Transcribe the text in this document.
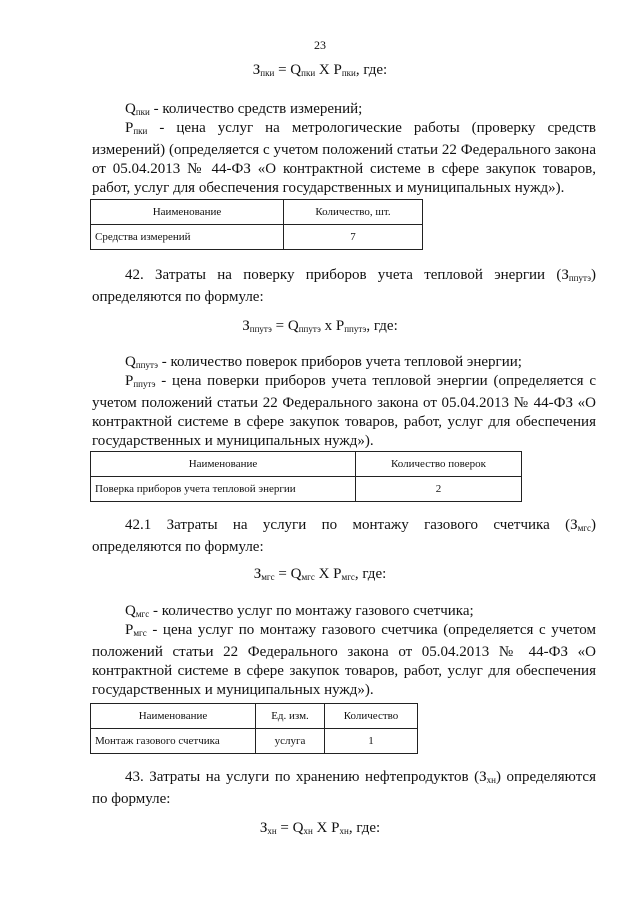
23
$З_{пки} = Q_{пки}$ X $P_{пки}$, где:
$Q_{пки}$ - количество средств измерений;
$P_{пки}$ - цена услуг на метрологические работы (проверку средств измерений) (определяется с учетом положений статьи 22 Федерального закона от 05.04.2013 № 44-ФЗ «О контрактной системе в сфере закупок товаров, работ, услуг для обеспечения государственных и муниципальных нужд»).
Наименование	Количество, шт.
Средства измерений	7
42. Затраты на поверку приборов учета тепловой энергии $(З_{ппутэ})$ определяются по формуле:
$З_{ппутэ} = Q_{ппутэ}$ x $P_{ппутэ}$, где:
$Q_{ппутэ}$ - количество поверок приборов учета тепловой энергии;
$P_{ппутэ}$ - цена поверки приборов учета тепловой энергии (определяется с учетом положений статьи 22 Федерального закона от 05.04.2013 № 44-ФЗ «О контрактной системе в сфере закупок товаров, работ, услуг для обеспечения государственных и муниципальных нужд»).
Наименование	Количество поверок
Поверка приборов учета тепловой энергии	2
42.1 Затраты на услуги по монтажу газового счетчика $(З_{мгс})$ определяются по формуле:
$З_{мгс} = Q_{мгс}$ X $P_{мгс}$, где:
$Q_{мгс}$ - количество услуг по монтажу газового счетчика;
$P_{мгс}$ - цена услуг по монтажу газового счетчика (определяется с учетом положений статьи 22 Федерального закона от 05.04.2013 № 44-ФЗ «О контрактной системе в сфере закупок товаров, работ, услуг для обеспечения государственных и муниципальных нужд»).
Наименование	Ед. изм.	Количество
Монтаж газового счетчика	услуга	1
43. Затраты на услуги по хранению нефтепродуктов $(З_{хн})$ определяются по формуле:
$З_{хн} = Q_{хн}$ X $P_{хн}$, где:
